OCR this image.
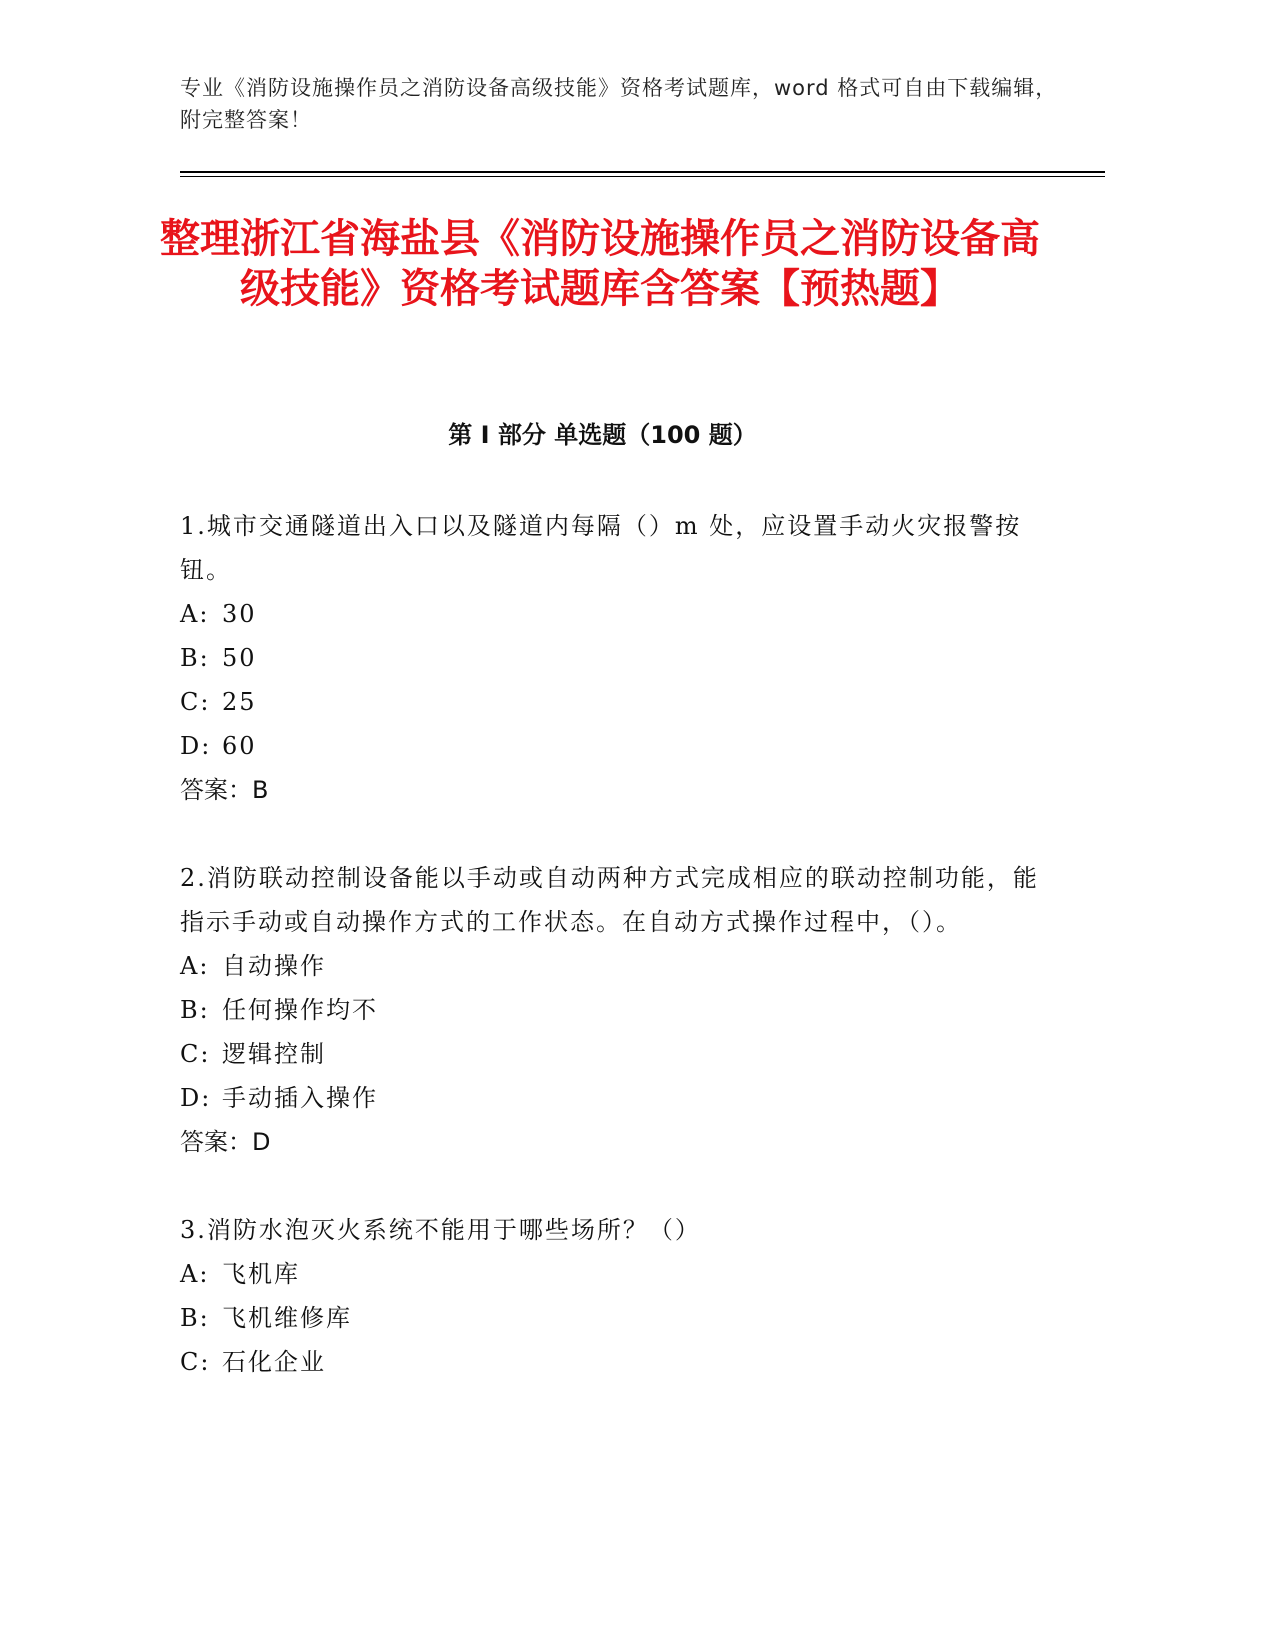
专业《消防设施操作员之消防设备高级技能》资格考试题库，word 格式可自由下载编辑，附完整答案！
整理浙江省海盐县《消防设施操作员之消防设备高级技能》资格考试题库含答案【预热题】
第 I 部分 单选题（100 题）

1.城市交通隧道出入口以及隧道内每隔（）m 处，应设置手动火灾报警按钮。

A: 30

B: 50

C: 25

D: 60

答案：B

2.消防联动控制设备能以手动或自动两种方式完成相应的联动控制功能，能指示手动或自动操作方式的工作状态。在自动方式操作过程中，（）。

A: 自动操作

B: 任何操作均不

C: 逻辑控制

D: 手动插入操作

答案：D

3.消防水泡灭火系统不能用于哪些场所？（）

A: 飞机库

B: 飞机维修库

C: 石化企业
